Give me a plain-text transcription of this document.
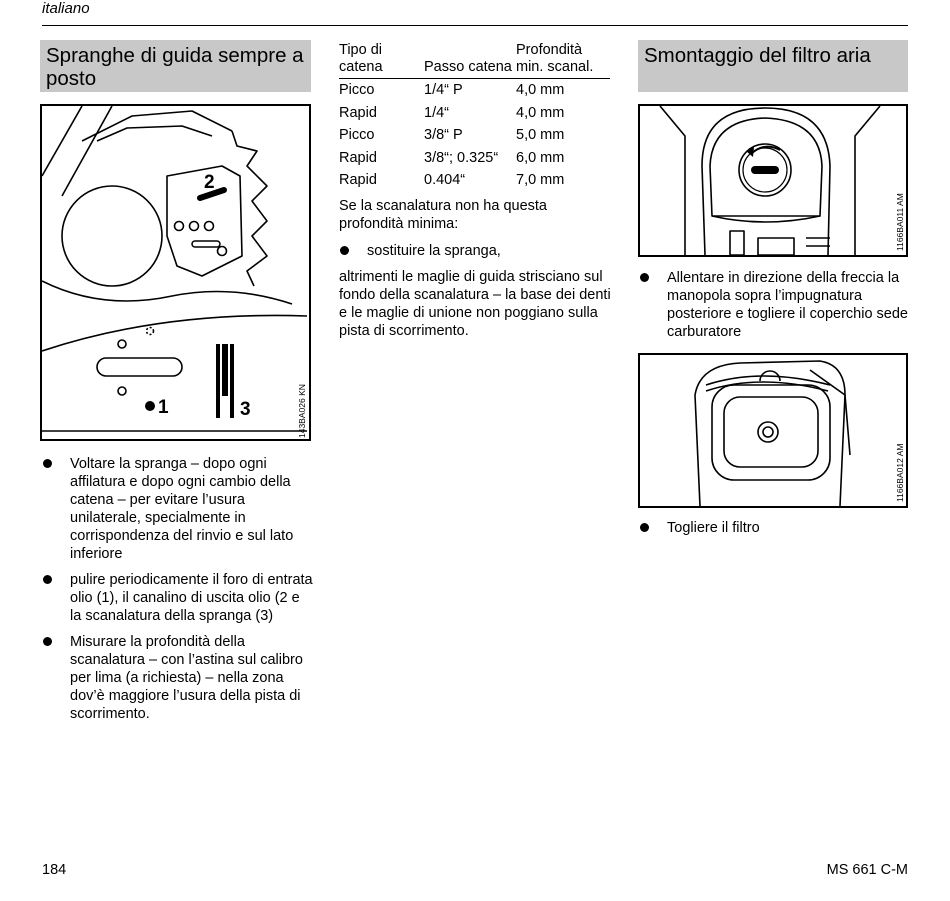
italiano
Spranghe di guida sempre a posto
2
1	3	143BA026 KN
Voltare la spranga – dopo ogni affilatura e dopo ogni cambio della catena – per evitare l’usura unilaterale, specialmente in corrispondenza del rinvio e sul lato inferiore
pulire periodicamente il foro di entrata olio (1), il canalino di uscita olio (2 e la scanalatura della spranga (3)
Misurare la profondità della scanalatura – con l’astina sul calibro per lima (a richiesta) – nella zona dov’è maggiore l’usura della pista di scorrimento.
Tipo di catena	Passo catena	Profondità min. scanal.
Picco	1/4“ P	4,0 mm
Rapid	1/4“	4,0 mm
Picco	3/8“ P	5,0 mm
Rapid	3/8“; 0.325“	6,0 mm
Rapid	0.404“	7,0 mm

Se la scanalatura non ha questa profondità minima:

sostituire la spranga,

altrimenti le maglie di guida strisciano sul fondo della scanalatura – la base dei denti e le maglie di unione non poggiano sulla pista di scorrimento.

Smontaggio del filtro aria
1166BA011 AM
Allentare in direzione della freccia la manopola sopra l’impugnatura posteriore e togliere il coperchio sede carburatore
1166BA012 AM
Togliere il filtro
184	MS 661 C-M
